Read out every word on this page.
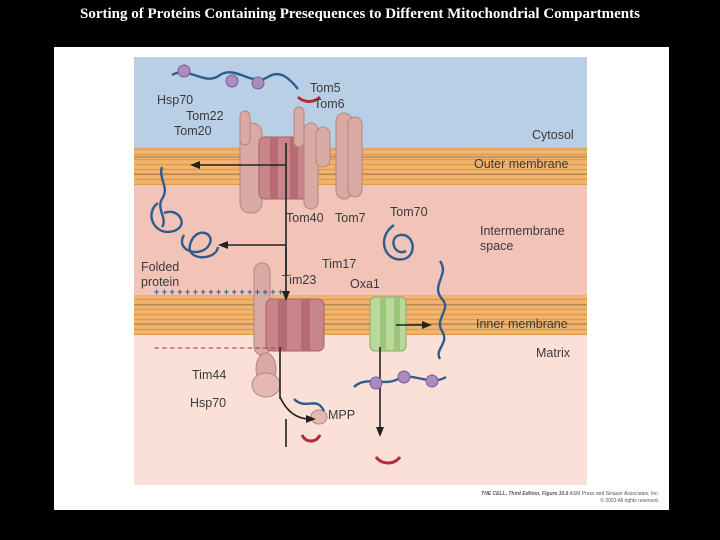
Sorting of Proteins Containing Presequences to Different Mitochondrial Compartments
+ + + + + + + + + + + + + + + + +
− − − − − − − − − − − − − − − − −
Cytosol
Outer membrane
Intermembrane
space
Inner membrane
Matrix
Hsp70
Tom5
Tom6
Tom22
Tom20
Tom40 Tom7 Tom70
Folded
protein
Tim17
Tim23	Oxa1
Tim44
Hsp70
MPP
THE CELL, Third Edition, Figure 10.6 ASM Press and Sinauer Associates, Inc.
© 2003 All rights reserved.
